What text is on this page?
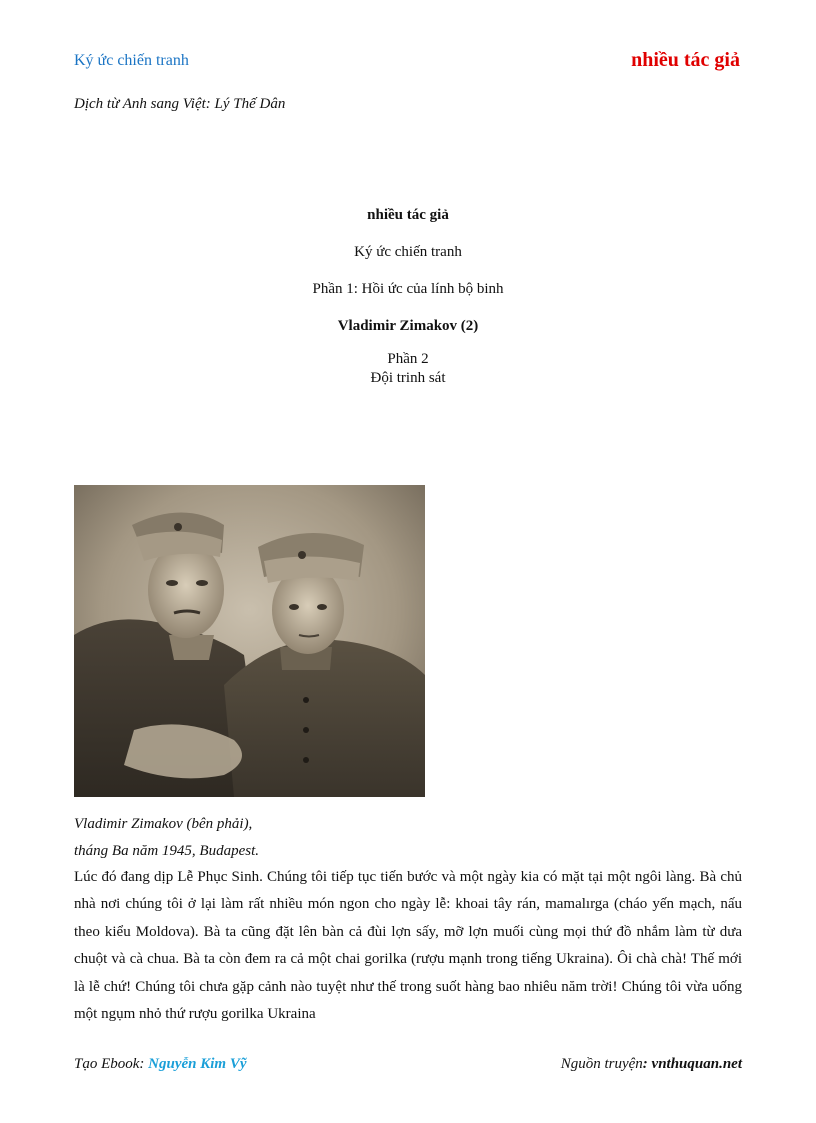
Ký ức chiến tranh	nhiều tác giả
Dịch từ Anh sang Việt: Lý Thế Dân
nhiều tác giả
Ký ức chiến tranh
Phần 1: Hồi ức của lính bộ binh
Vladimir Zimakov (2)
Phần 2
Đội trinh sát
Vladimir Zimakov (bên phải),
tháng Ba năm 1945, Budapest.
Lúc đó đang dịp Lễ Phục Sinh. Chúng tôi tiếp tục tiến bước và một ngày kia có mặt tại một ngôi làng. Bà chủ nhà nơi chúng tôi ở lại làm rất nhiều món ngon cho ngày lễ: khoai tây rán, mamalırga (cháo yến mạch, nấu theo kiểu Moldova). Bà ta cũng đặt lên bàn cả đùi lợn sấy, mỡ lợn muối cùng mọi thứ đồ nhắm làm từ dưa chuột và cà chua. Bà ta còn đem ra cả một chai gorilka (rượu mạnh trong tiếng Ukraina). Ôi chà chà! Thế mới là lễ chứ! Chúng tôi chưa gặp cảnh nào tuyệt như thế trong suốt hàng bao nhiêu năm trời! Chúng tôi vừa uống một ngụm nhỏ thứ rượu gorilka Ukraina
Tạo Ebook: Nguyễn Kim Vỹ	Nguồn truyện: vnthuquan.net
